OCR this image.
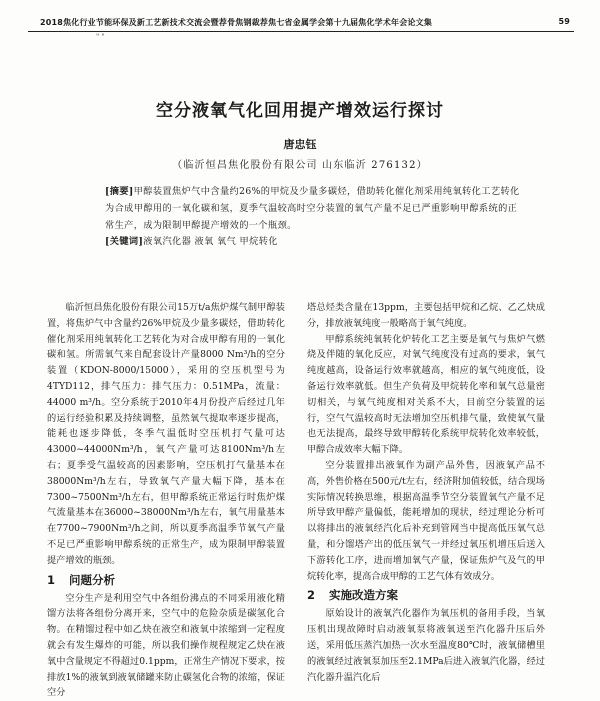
2018焦化行业节能环保及新工艺新技术交流会暨荐骨焦钢裁荐焦七省金属学会第十九届焦化学术年会论文集	59
" "
空分液氧气化回用提产增效运行探讨
唐忠钰
（临沂恒昌焦化股份有限公司 山东临沂 276132）

[摘要]甲醇装置焦炉气中含量约26%的甲烷及少量多碳烃，借助转化催化剂采用纯氧转化工艺转化为合成甲醇用的一氧化碳和氢，夏季气温较高时空分装置的氧气产量不足已严重影响甲醇系统的正常生产，成为限制甲醇提产增效的一个瓶颈。

[关键词]液氧汽化器 液氧 氧气 甲烷转化

临沂恒昌焦化股份有限公司15万t/a焦炉煤气制甲醇装置，将焦炉气中含量约26%甲烷及少量多碳烃，借助转化催化剂采用纯氧转化工艺转化为对合成甲醇有用的一氧化碳和氢。所需氧气来自配套设计产量8000 Nm³/h的空分装置（KDON-8000/15000），采用的空压机型号为4TYD112，排气压力：排气压力：0.51MPa，流量：44000 m³/h。空分系统于2010年4月份投产后经过几年的运行经验积累及持续调整，虽然氧气提取率逐步提高，能耗也逐步降低，冬季气温低时空压机打气量可达43000~44000Nm³/h，氧气产量可达8100Nm³/h左右；夏季受气温较高的因素影响，空压机打气量基本在38000Nm³/h左右，导致氧气产量大幅下降，基本在7300~7500Nm³/h左右，但甲醇系统正常运行时焦炉煤气流量基本在36000~38000Nm³/h左右，氧气用量基本在7700~7900Nm³/h之间，所以夏季高温季节氧气产量不足已严重影响甲醇系统的正常生产，成为限制甲醇装置提产增效的瓶颈。

1 问题分析

空分生产是利用空气中各组份沸点的不同采用液化精馏方法将各组份分离开来，空气中的危险杂质是碳氢化合物。在精馏过程中如乙炔在液空和液氧中浓缩到一定程度就会有发生爆炸的可能，所以我们操作规程规定乙炔在液氧中含量规定不得超过0.1ppm，正常生产情况下要求，按排放1%的液氧到液氧储罐来防止碳氢化合物的浓缩，保证空分

塔总烃类含量在13ppm，主要包括甲烷和乙烷、乙乙炔成分，排放液氧纯度一般略高于氧气纯度。

甲醇系统纯氧转化炉转化工艺主要是氧气与焦炉气燃烧及伴随的氧化反应，对氧气纯度没有过高的要求，氧气纯度越高，设备运行效率就越高，相应的氧气纯度低，设备运行效率就低。但生产负荷及甲烷转化率和氧气总量密切相关，与氧气纯度相对关系不大，目前空分装置的运行，空气气温较高时无法增加空压机排气量，致使氧气量也无法提高，最终导致甲醇转化系统甲烷转化效率较低，甲醇合成效率大幅下降。

空分装置排出液氧作为副产品外售，因液氧产品不高，外售价格在500元/t左右，经济附加值较低，结合现场实际情况转换思维，根据高温季节空分装置氧气产量不足所导致甲醇产量偏低，能耗增加的现状，经过理论分析可以将排出的液氧经汽化后补充到管网当中提高低压氧气总量，和分馏塔产出的低压氧气一并经过氧压机增压后送入下游转化工序，进而增加氧气产量，保证焦炉气及气的甲烷转化率，提高合成甲醇的工艺气体有效成分。

2 实施改造方案

原始设计的液氧汽化器作为氧压机的备用手段，当氧压机出现故障时启动液氧泵将液氧送至汽化器升压后外送，采用低压蒸汽加热一次水至温度80℃时，液氧储槽里的液氧经过液氧泵加压至2.1MPa后进入液氧汽化器，经过汽化器升温汽化后
